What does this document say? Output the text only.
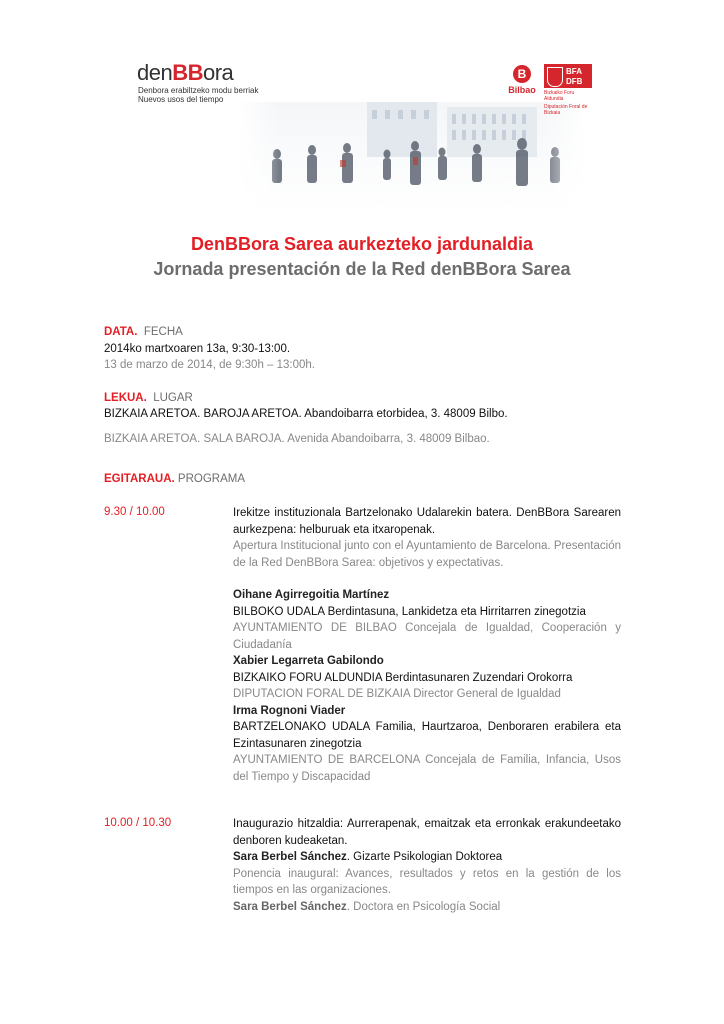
denBBora
Denbora erabiltzeko modu berriak
Nuevos usos del tiempo
B
Bilbao
BFA
DFB
Bizkaiko Foru Aldundia
Diputación Foral de Bizkaia
DenBBora Sarea aurkezteko jardunaldia
Jornada presentación de la Red denBBora Sarea
DATA. FECHA
2014ko martxoaren 13a, 9:30-13:00.
13 de marzo de 2014, de 9:30h – 13:00h.
LEKUA. LUGAR
BIZKAIA ARETOA. BAROJA ARETOA. Abandoibarra etorbidea, 3. 48009 Bilbo.
BIZKAIA ARETOA. SALA BAROJA. Avenida Abandoibarra, 3. 48009 Bilbao.
EGITARAUA. PROGRAMA
9.30 / 10.00	Irekitze instituzionala Bartzelonako Udalarekin batera. DenBBora Sarearen aurkezpena: helburuak eta itxaropenak.

Apertura Institucional junto con el Ayuntamiento de Barcelona. Presentación de la Red DenBBora Sarea: objetivos y expectativas.

Oihane Agirregoitia Martínez

BILBOKO UDALA Berdintasuna, Lankidetza eta Hirritarren zinegotzia

AYUNTAMIENTO DE BILBAO Concejala de Igualdad, Cooperación y Ciudadanía

Xabier Legarreta Gabilondo

BIZKAIKO FORU ALDUNDIA Berdintasunaren Zuzendari Orokorra

DIPUTACION FORAL DE BIZKAIA Director General de Igualdad

Irma Rognoni Viader

BARTZELONAKO UDALA Familia, Haurtzaroa, Denboraren erabilera eta Ezintasunaren zinegotzia

AYUNTAMIENTO DE BARCELONA Concejala de Familia, Infancia, Usos del Tiempo y Discapacidad

10.00 / 10.30	Inaugurazio hitzaldia: Aurrerapenak, emaitzak eta erronkak erakundeetako denboren kudeaketan.

Sara Berbel Sánchez. Gizarte Psikologian Doktorea

Ponencia inaugural: Avances, resultados y retos en la gestión de los tiempos en las organizaciones.

Sara Berbel Sánchez. Doctora en Psicología Social
